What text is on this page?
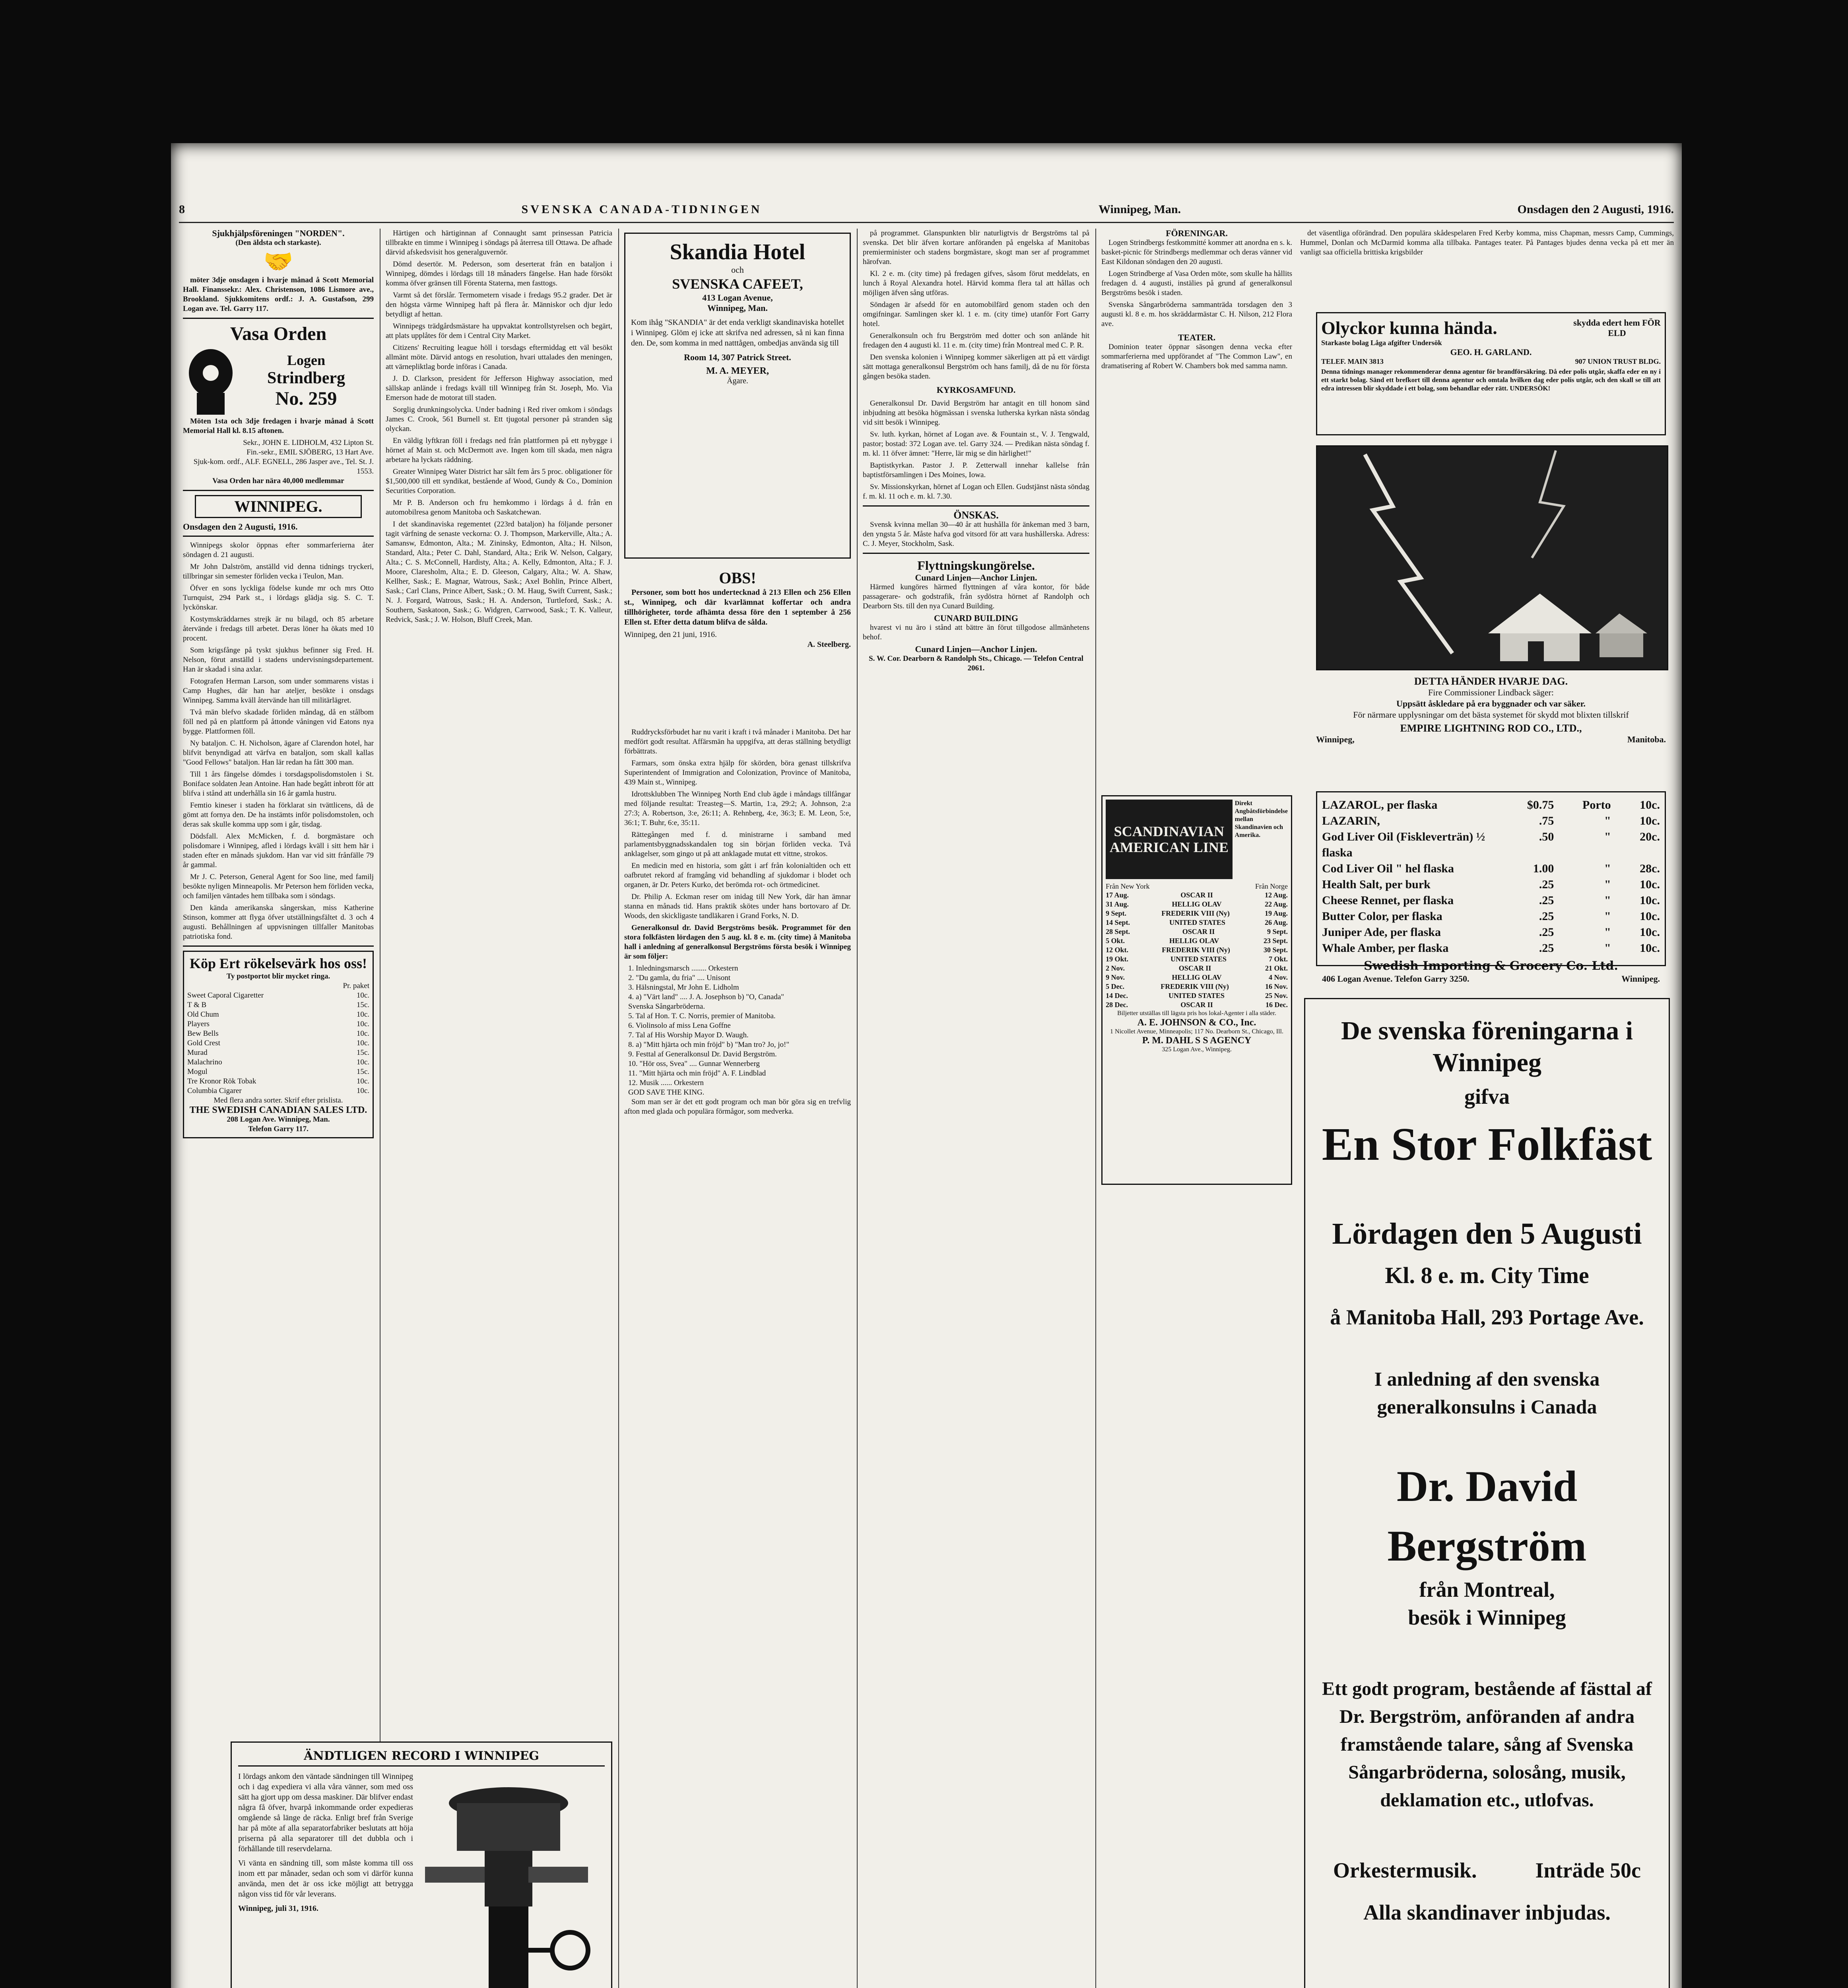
8	SVENSKA CANADA-TIDNINGEN	Winnipeg, Man.	Onsdagen den 2 Augusti, 1916.
Sjukhjälpsföreningen "NORDEN".
(Den äldsta och starkaste).
🤝

möter 3dje onsdagen i hvarje månad å Scott Memorial Hall. Finanssekr.: Alex. Christenson, 1086 Lismore ave., Brookland. Sjukkomitens ordf.: J. A. Gustafson, 299 Logan ave. Tel. Garry 117.

Vasa Orden
Logen
Strindberg
No. 259

Möten 1sta och 3dje fredagen i hvarje månad å Scott Memorial Hall kl. 8.15 aftonen.

Sekr., JOHN E. LIDHOLM, 432 Lipton St.
Fin.-sekr., EMIL SJÖBERG, 13 Hart Ave.
Sjuk-kom. ordf., ALF. EGNELL, 286 Jasper ave., Tel. St. J. 1553.
Vasa Orden har nära 40,000 medlemmar
WINNIPEG.
Onsdagen den 2 Augusti, 1916.

Winnipegs skolor öppnas efter sommarferierna åter söndagen d. 21 augusti.

Mr John Dalström, anställd vid denna tidnings tryckeri, tillbringar sin semester förliden vecka i Teulon, Man.

Öfver en sons lyckliga födelse kunde mr och mrs Otto Turnquist, 294 Park st., i lördags glädja sig. S. C. T. lyckönskar.

Kostymskräddarnes strejk är nu bilagd, och 85 arbetare återvände i fredags till arbetet. Deras löner ha ökats med 10 procent.

Som krigsfånge på tyskt sjukhus befinner sig Fred. H. Nelson, förut anställd i stadens undervisningsdepartement. Han är skadad i sina axlar.

Fotografen Herman Larson, som under sommarens vistas i Camp Hughes, där han har ateljer, besökte i onsdags Winnipeg. Samma kväll återvände han till militärlägret.

Två män blefvo skadade förliden måndag, då en stålbom föll ned på en plattform på åttonde våningen vid Eatons nya bygge. Plattformen föll.

Ny bataljon. C. H. Nicholson, ägare af Clarendon hotel, har blifvit benyndigad att värfva en bataljon, som skall kallas "Good Fellows" bataljon. Han lär redan ha fått 300 man.

Till 1 års fängelse dömdes i torsdagspolisdomstolen i St. Boniface soldaten Jean Antoine. Han hade begått inbrott för att blifva i stånd att underhålla sin 16 år gamla hustru.

Femtio kineser i staden ha förklarat sin tvättlicens, då de gömt att fornya den. De ha instämts inför polisdomstolen, och deras sak skulle komma upp som i går, tisdag.

Dödsfall. Alex McMicken, f. d. borgmästare och polisdomare i Winnipeg, afled i lördags kväll i sitt hem här i staden efter en månads sjukdom. Han var vid sitt frånfälle 79 år gammal.

Mr J. C. Peterson, General Agent for Soo line, med familj besökte nyligen Minneapolis. Mr Peterson hem förliden vecka, och familjen väntades hem tillbaka som i söndags.

Den kända amerikanska sångerskan, miss Katherine Stinson, kommer att flyga öfver utställningsfältet d. 3 och 4 augusti. Behållningen af uppvisningen tillfaller Manitobas patriotiska fond.

Köp Ert rökelsevärk hos oss!
Ty postportot blir mycket ringa.
Pr. paket
Sweet Caporal Cigaretter	10c.
T & B	15c.
Old Chum	10c.
Players	10c.
Bew Bells	10c.
Gold Crest	10c.
Murad	15c.
Malachrino	10c.
Mogul	15c.
Tre Kronor Rök Tobak	10c.
Columbia Cigarer	10c.
Med flera andra sorter. Skrif efter prislista.
THE SWEDISH CANADIAN SALES LTD.
208 Logan Ave. Winnipeg, Man.
Telefon Garry 117.

Härtigen och härtiginnan af Connaught samt prinsessan Patricia tillbrakte en timme i Winnipeg i söndags på återresa till Ottawa. De afhade därvid afskedsvisit hos generalguvernör.

Dömd desertör. M. Pederson, som deserterat från en bataljon i Winnipeg, dömdes i lördags till 18 månaders fängelse. Han hade försökt komma öfver gränsen till Förenta Staterna, men fasttogs.

Varmt så det förslår. Termometern visade i fredags 95.2 grader. Det är den högsta värme Winnipeg haft på flera år. Människor och djur ledo betydligt af hettan.

Winnipegs trädgårdsmästare ha uppvaktat kontrollstyrelsen och begärt, att plats upplåtes för dem i Central City Market.

Citizens' Recruiting league höll i torsdags eftermiddag ett väl besökt allmänt möte. Därvid antogs en resolution, hvari uttalades den meningen, att värnepliktlag borde införas i Canada.

J. D. Clarkson, president för Jefferson Highway association, med sällskap anlände i fredags kväll till Winnipeg från St. Joseph, Mo. Via Emerson hade de motorat till staden.

Sorglig drunkningsolycka. Under badning i Red river omkom i söndags James C. Crook, 561 Burnell st. Ett tjugotal personer på stranden såg olyckan.

En väldig lyftkran föll i fredags ned från plattformen på ett nybygge i hörnet af Main st. och McDermott ave. Ingen kom till skada, men några arbetare ha lyckats räddning.

Greater Winnipeg Water District har sålt fem års 5 proc. obligationer för $1,500,000 till ett syndikat, bestående af Wood, Gundy & Co., Dominion Securities Corporation.

Mr P. B. Anderson och fru hemkommo i lördags å d. från en automobilresa genom Manitoba och Saskatchewan.

I det skandinaviska regementet (223rd bataljon) ha följande personer tagit värfning de senaste veckorna: O. J. Thompson, Markerville, Alta.; A. Samansw, Edmonton, Alta.; M. Zininsky, Edmonton, Alta.; H. Nilson, Standard, Alta.; Peter C. Dahl, Standard, Alta.; Erik W. Nelson, Calgary, Alta.; C. S. McConnell, Hardisty, Alta.; A. Kelly, Edmonton, Alta.; F. J. Moore, Claresholm, Alta.; E. D. Gleeson, Calgary, Alta.; W. A. Shaw, Kellher, Sask.; E. Magnar, Watrous, Sask.; Axel Bohlin, Prince Albert, Sask.; Carl Clans, Prince Albert, Sask.; O. M. Haug, Swift Current, Sask.; N. J. Forgard, Watrous, Sask.; H. A. Anderson, Turtleford, Sask.; A. Southern, Saskatoon, Sask.; G. Widgren, Carrwood, Sask.; T. K. Valleur, Redvick, Sask.; J. W. Holson, Bluff Creek, Man.

ÄNDTLIGEN RECORD I WINNIPEG

I lördags ankom den väntade sändningen till Winnipeg och i dag expediera vi alla våra vänner, som med oss sätt ha gjort upp om dessa maskiner. Där blifver endast några få öfver, hvarpå inkommande order expedieras omgående så länge de räcka. Enligt bref från Sverige har på möte af alla separatorfabriker beslutats att höja priserna på alla separatorer till det dubbla och i förhållande till reservdelarna.

Vi vänta en sändning till, som måste komma till oss inom ett par månader, sedan och som vi därför kunna använda, men det är oss icke möjligt att betrygga någon viss tid för vår leverans.

Winnipeg, juli 31, 1916.
Skandia Hotel
och
SVENSKA CAFEET,
413 Logan Avenue,
Winnipeg, Man.

Kom ihåg "SKANDIA" är det enda verkligt skandinaviska hotellet i Winnipeg. Glöm ej icke att skrifva ned adressen, så ni kan finna den. De, som komma in med natttågen, ombedjas använda sig till

Room 14, 307 Patrick Street.
M. A. MEYER,
Ägare.
OBS!

Personer, som bott hos undertecknad å 213 Ellen och 256 Ellen st., Winnipeg, och där kvarlämnat koffertar och andra tillhörigheter, torde afhämta dessa före den 1 september å 256 Ellen st. Efter detta datum blifva de sålda.

Winnipeg, den 21 juni, 1916.
A. Steelberg.

Ruddrycksförbudet har nu varit i kraft i två månader i Manitoba. Det har medfört godt resultat. Affärsmän ha uppgifva, att deras ställning betydligt förbättrats.

Farmars, som önska extra hjälp för skörden, böra genast tillskrifva Superintendent of Immigration and Colonization, Province of Manitoba, 439 Main st., Winnipeg.

Idrottsklubben The Winnipeg North End club ägde i måndags tillfångar med följande resultat: Treasteg—S. Martin, 1:a, 29:2; A. Johnson, 2:a 27:3; A. Robertson, 3:e, 26:11; A. Rehnberg, 4:e, 36:3; E. M. Leon, 5:e, 36:1; T. Buhr, 6:e, 35:11.

Rättegången med f. d. ministrarne i samband med parlamentsbyggnadsskandalen tog sin början förliden vecka. Två anklagelser, som gingo ut på att anklagade mutat ett vittne, strokos.

En medicin med en historia, som gått i arf från kolonialtiden och ett oafbrutet rekord af framgång vid behandling af sjukdomar i blodet och organen, är Dr. Peters Kurko, det berömda rot- och örtmedicinet.

Dr. Philip A. Eckman reser om inidag till New York, där han ämnar stanna en månads tid. Hans praktik skötes under hans bortovaro af Dr. Woods, den skickligaste tandläkaren i Grand Forks, N. D.

Generalkonsul dr. David Bergströms besök. Programmet för den stora folkfästen lördagen den 5 aug. kl. 8 e. m. (city time) å Manitoba hall i anledning af generalkonsul Bergströms första besök i Winnipeg är som följer:

1. Inledningsmarsch ........ Orkestern
2. "Du gamla, du fria" .... Unisont
3. Hälsningstal, Mr John E. Lidholm
4. a) "Värt land" .... J. A. Josephson b) "O, Canada"
Svenska Sångarbröderna.
5. Tal af Hon. T. C. Norris, premier of Manitoba.
6. Violinsolo af miss Lena Goffne
7. Tal af His Worship Mayor D. Waugh.
8. a) "Mitt hjärta och min fröjd" b) "Man tro? Jo, jo!"
9. Festtal af Generalkonsul Dr. David Bergström.
10. "Hör oss, Svea" .... Gunnar Wennerberg
11. "Mitt hjärta och min fröjd" A. F. Lindblad
12. Musik ...... Orkestern
GOD SAVE THE KING.

Som man ser är det ett godt program och man bör göra sig en trefvlig afton med glada och populära förmågor, som medverka.

på programmet. Glanspunkten blir naturligtvis dr Bergströms tal på svenska. Det blir äfven kortare anföranden på engelska af Manitobas premierminister och stadens borgmästare, skogt man ser af programmet härofvan.

Kl. 2 e. m. (city time) på fredagen gifves, såsom förut meddelats, en lunch å Royal Alexandra hotel. Härvid komma flera tal att hållas och möjligen äfven sång utföras.

Söndagen är afsedd för en automobilfärd genom staden och den omgifningar. Samlingen sker kl. 1 e. m. (city time) utanför Fort Garry hotel.

Generalkonsuln och fru Bergström med dotter och son anlände hit fredagen den 4 augusti kl. 11 e. m. (city time) från Montreal med C. P. R.

Den svenska kolonien i Winnipeg kommer säkerligen att på ett värdigt sätt mottaga generalkonsul Bergström och hans familj, då de nu för första gången besöka staden.

KYRKOSAMFUND.

Generalkonsul Dr. David Bergström har antagit en till honom sänd inbjudning att besöka högmässan i svenska lutherska kyrkan nästa söndag vid sitt besök i Winnipeg.

Sv. luth. kyrkan, hörnet af Logan ave. & Fountain st., V. J. Tengwald, pastor; bostad: 372 Logan ave. tel. Garry 324. — Predikan nästa söndag f. m. kl. 11 öfver ämnet: "Herre, lär mig se din härlighet!"

Baptistkyrkan. Pastor J. P. Zetterwall innehar kallelse från baptistförsamlingen i Des Moines, Iowa.

Sv. Missionskyrkan, hörnet af Logan och Ellen. Gudstjänst nästa söndag f. m. kl. 11 och e. m. kl. 7.30.

ÖNSKAS.

Svensk kvinna mellan 30—40 år att hushålla för änkeman med 3 barn, den yngsta 5 år. Måste hafva god vitsord för att vara hushållerska. Adress: C. J. Meyer, Stockholm, Sask.

Flyttningskungörelse.
Cunard Linjen—Anchor Linjen.

Härmed kungöres härmed flyttningen af våra kontor, för både passagerare- och godstrafik, från sydöstra hörnet af Randolph och Dearborn Sts. till den nya Cunard Building.

CUNARD BUILDING

hvarest vi nu äro i stånd att bättre än förut tillgodose allmänhetens behof.

Cunard Linjen—Anchor Linjen.
S. W. Cor. Dearborn & Randolph Sts., Chicago. — Telefon Central 2061.
FÖRENINGAR.

Logen Strindbergs festkommitté kommer att anordna en s. k. basket-picnic för Strindbergs medlemmar och deras vänner vid East Kildonan söndagen den 20 augusti.

Logen Strindberge af Vasa Orden möte, som skulle ha hållits fredagen d. 4 augusti, instälies på grund af generalkonsul Bergströms besök i staden.

Svenska Sångarbröderna sammanträda torsdagen den 3 augusti kl. 8 e. m. hos skräddarmästar C. H. Nilson, 212 Flora ave.

TEATER.

Dominion teater öppnar säsongen denna vecka efter sommarferierna med uppförandet af "The Common Law", en dramatisering af Robert W. Chambers bok med samma namn.

SCANDINAVIAN AMERICAN LINE
Direkt Angbåtsförbindelse mellan Skandinavien och Amerika.
Från New York	Från Norge
17 Aug.	OSCAR II	12 Aug.
31 Aug.	HELLIG OLAV	22 Aug.
9 Sept.	FREDERIK VIII (Ny)	19 Aug.
14 Sept.	UNITED STATES	26 Aug.
28 Sept.	OSCAR II	9 Sept.
5 Okt.	HELLIG OLAV	23 Sept.
12 Okt.	FREDERIK VIII (Ny)	30 Sept.
19 Okt.	UNITED STATES	7 Okt.
2 Nov.	OSCAR II	21 Okt.
9 Nov.	HELLIG OLAV	4 Nov.
5 Dec.	FREDERIK VIII (Ny)	16 Nov.
14 Dec.	UNITED STATES	25 Nov.
28 Dec.	OSCAR II	16 Dec.
Biljetter utställas till lägsta pris hos lokal-Agenter i alla städer.
A. E. JOHNSON & CO., Inc.
1 Nicollet Avenue, Minneapolis; 117 No. Dearborn St., Chicago, Ill.
P. M. DAHL S S AGENCY
325 Logan Ave., Winnipeg.

det väsentliga oförändrad. Den populära skådespelaren Fred Kerby komma, miss Chapman, messrs Camp, Cummings, Hummel, Donlan och McDarmid komma alla tillbaka. Pantages teater. På Pantages bjudes denna vecka på ett mer än vanligt saa officiella brittiska krigsbilder

Olyckor kunna hända.	skydda edert hem FÖR ELD
Starkaste bolag Låga afgifter Undersök
GEO. H. GARLAND.
TELEF. MAIN 3813	907 UNION TRUST BLDG.

Denna tidnings manager rekommenderar denna agentur för brandförsäkring. Då eder polis utgår, skaffa eder en ny i ett starkt bolag. Sänd ett brefkort till denna agentur och omtala hvilken dag eder polis utgår, och den skall se till att edra intressen blir skyddade i ett bolag, som behandlar eder rätt. UNDERSÖK!

DETTA HÄNDER HVARJE DAG.
Fire Commissioner Lindback säger:
Uppsätt åskledare på era byggnader och var säker.
För närmare upplysningar om det bästa systemet för skydd mot blixten tillskrif
EMPIRE LIGHTNING ROD CO., LTD.,
Winnipeg,	Manitoba.
LAZAROL, per flaska	$0.75	Porto	10c.
LAZARIN,	.75	"	10c.
God Liver Oil (Fiskleverträn) ½ flaska
.50	"	20c.
Cod Liver Oil " hel flaska	1.00	"	28c.
Health Salt, per burk	.25	"	10c.
Cheese Rennet, per flaska	.25	"	10c.
Butter Color, per flaska	.25	"	10c.
Juniper Ade, per flaska	.25	"	10c.
Whale Amber, per flaska	.25	"	10c.
Swedish Importing & Grocery Co. Ltd.
406 Logan Avenue. Telefon Garry 3250.	Winnipeg.
De svenska föreningarna i Winnipeg
gifva
En Stor Folkfäst
Lördagen den 5 Augusti
Kl. 8 e. m. City Time
å Manitoba Hall, 293 Portage Ave.
I anledning af den svenska
generalkonsulns i Canada
Dr. David Bergström
från Montreal,
besök i Winnipeg
Ett godt program, bestående af fästtal af Dr. Bergström, anföranden af andra framstående talare, sång af Svenska Sångarbröderna, solosång, musik, deklamation etc., utlofvas.
Orkestermusik.	Inträde 50c
Alla skandinaver inbjudas.
